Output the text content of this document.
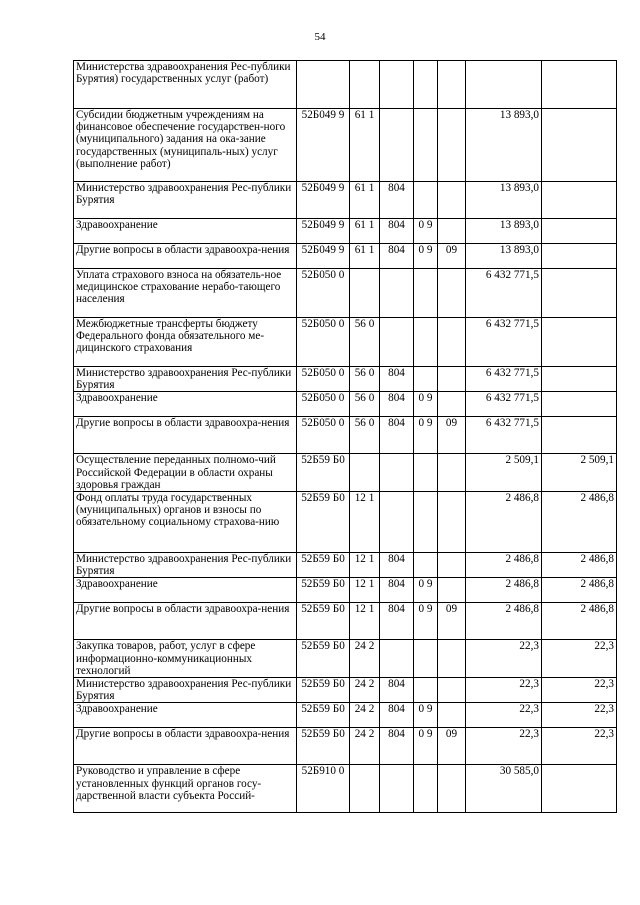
54
Министерства здравоохранения Рес-публики Бурятия) государственных услуг (работ)							
Субсидии бюджетным учреждениям на финансовое обеспечение государствен-ного (муниципального) задания на ока-зание государственных (муниципаль-ных) услуг (выполнение работ)	52Б049 9	61 1				13 893,0	
Министерство здравоохранения Рес-публики Бурятия	52Б049 9	61 1	804			13 893,0	
Здравоохранение	52Б049 9	61 1	804	0 9		13 893,0	
Другие вопросы в области здравоохра-нения	52Б049 9	61 1	804	0 9	09	13 893,0	
Уплата страхового взноса на обязатель-ное медицинское страхование нерабо-тающего населения	52Б050 0					6 432 771,5	
Межбюджетные трансферты бюджету Федерального фонда обязательного ме-дицинского страхования	52Б050 0	56 0				6 432 771,5	
Министерство здравоохранения Рес-публики Бурятия	52Б050 0	56 0	804			6 432 771,5	
Здравоохранение	52Б050 0	56 0	804	0 9		6 432 771,5	
Другие вопросы в области здравоохра-нения	52Б050 0	56 0	804	0 9	09	6 432 771,5	
Осуществление переданных полномо-чий Российской Федерации в области охраны здоровья граждан	52Б59 Б0					2 509,1	2 509,1
Фонд оплаты труда государственных (муниципальных) органов и взносы по обязательному социальному страхова-нию	52Б59 Б0	12 1				2 486,8	2 486,8
Министерство здравоохранения Рес-публики Бурятия	52Б59 Б0	12 1	804			2 486,8	2 486,8
Здравоохранение	52Б59 Б0	12 1	804	0 9		2 486,8	2 486,8
Другие вопросы в области здравоохра-нения	52Б59 Б0	12 1	804	0 9	09	2 486,8	2 486,8
Закупка товаров, работ, услуг в сфере информационно-коммуникационных технологий	52Б59 Б0	24 2				22,3	22,3
Министерство здравоохранения Рес-публики Бурятия	52Б59 Б0	24 2	804			22,3	22,3
Здравоохранение	52Б59 Б0	24 2	804	0 9		22,3	22,3
Другие вопросы в области здравоохра-нения	52Б59 Б0	24 2	804	0 9	09	22,3	22,3
Руководство и управление в сфере установленных функций органов госу-дарственной власти субъекта Россий-	52Б910 0					30 585,0	
